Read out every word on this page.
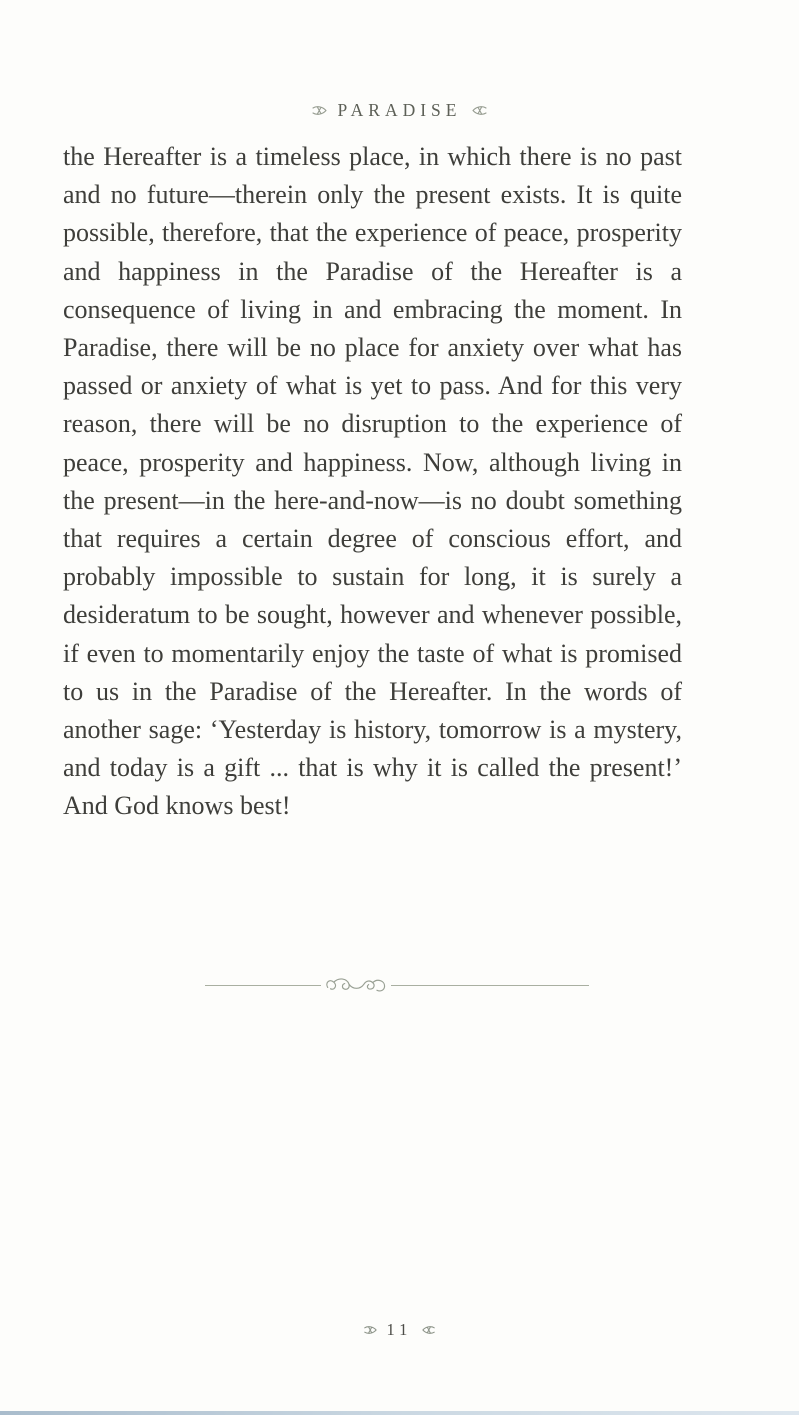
PARADISE
the Hereafter is a timeless place, in which there is no past and no future—therein only the present exists. It is quite possible, therefore, that the experience of peace, prosperity and happiness in the Paradise of the Hereafter is a consequence of living in and embracing the moment. In Paradise, there will be no place for anxiety over what has passed or anxiety of what is yet to pass. And for this very reason, there will be no disruption to the experience of peace, prosperity and happiness. Now, although living in the present—in the here-and-now—is no doubt something that requires a certain degree of conscious effort, and probably impossible to sustain for long, it is surely a desideratum to be sought, however and whenever possible, if even to momentarily enjoy the taste of what is promised to us in the Paradise of the Hereafter. In the words of another sage: ‘Yesterday is history, tomorrow is a mystery, and today is a gift ... that is why it is called the present!’ And God knows best!
11
